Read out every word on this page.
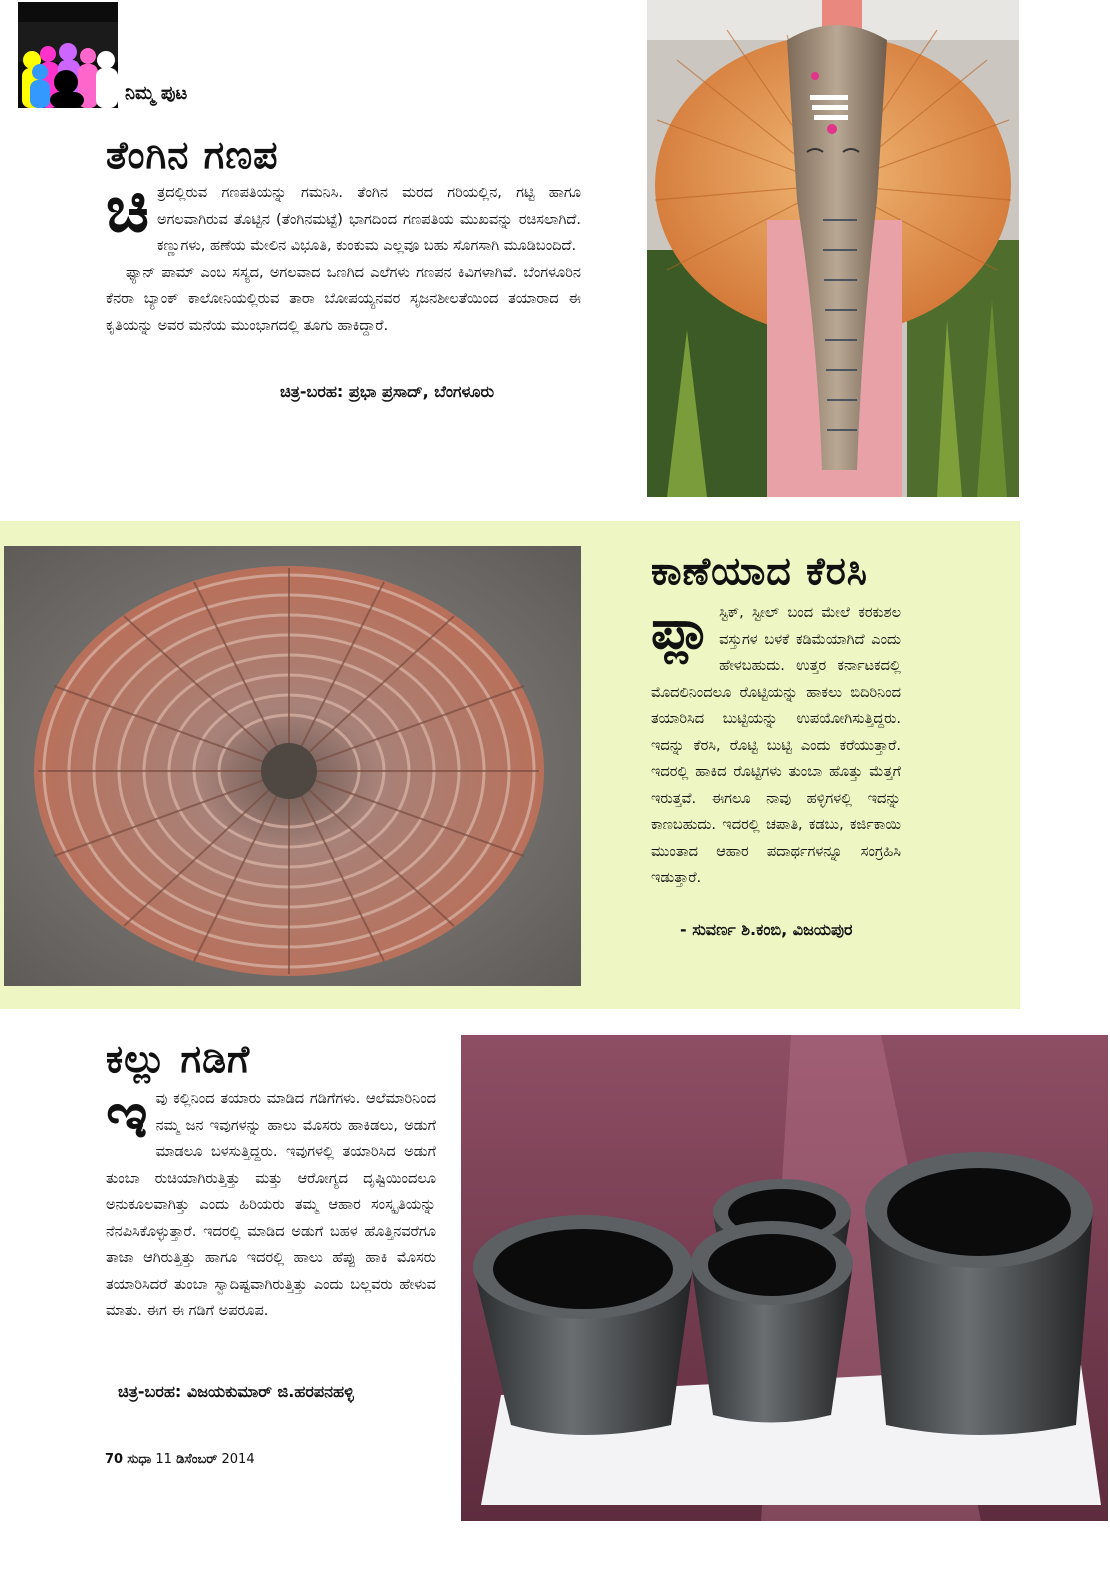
ನಿಮ್ಮ ಪುಟ
ತೆಂಗಿನ ಗಣಪ

ಚಿ ತ್ರದಲ್ಲಿರುವ ಗಣಪತಿಯನ್ನು ಗಮನಿಸಿ. ತೆಂಗಿನ ಮರದ ಗರಿಯಲ್ಲಿನ, ಗಟ್ಟಿ ಹಾಗೂ ಅಗಲವಾಗಿರುವ ತೊಟ್ಟಿನ (ತೆಂಗಿನಮಟ್ಟೆ) ಭಾಗದಿಂದ ಗಣಪತಿಯ ಮುಖವನ್ನು ರಚಿಸಲಾಗಿದೆ. ಕಣ್ಣುಗಳು, ಹಣೆಯ ಮೇಲಿನ ವಿಭೂತಿ, ಕುಂಕುಮ ಎಲ್ಲವೂ ಬಹು ಸೊಗಸಾಗಿ ಮೂಡಿಬಂದಿದೆ.

ಫ್ಯಾನ್ ಪಾಮ್ ಎಂಬ ಸಸ್ಯದ, ಅಗಲವಾದ ಒಣಗಿದ ಎಲೆಗಳು ಗಣಪನ ಕಿವಿಗಳಾಗಿವೆ. ಬೆಂಗಳೂರಿನ ಕೆನರಾ ಬ್ಯಾಂಕ್ ಕಾಲೋನಿಯಲ್ಲಿರುವ ತಾರಾ ಬೋಪಯ್ಯನವರ ಸೃಜನಶೀಲತೆಯಿಂದ ತಯಾರಾದ ಈ ಕೃತಿಯನ್ನು ಅವರ ಮನೆಯ ಮುಂಭಾಗದಲ್ಲಿ ತೂಗು ಹಾಕಿದ್ದಾರೆ.

ಚಿತ್ರ-ಬರಹ: ಪ್ರಭಾ ಪ್ರಸಾದ್, ಬೆಂಗಳೂರು
ಕಾಣೆಯಾದ ಕೆರಸಿ

ಪ್ಲಾ ಸ್ಟಿಕ್, ಸ್ಟೀಲ್ ಬಂದ ಮೇಲೆ ಕರಕುಶಲ ವಸ್ತುಗಳ ಬಳಕೆ ಕಡಿಮೆಯಾಗಿದೆ ಎಂದು ಹೇಳಬಹುದು. ಉತ್ತರ ಕರ್ನಾಟಕದಲ್ಲಿ ಮೊದಲಿನಿಂದಲೂ ರೊಟ್ಟಿಯನ್ನು ಹಾಕಲು ಬಿದಿರಿನಿಂದ ತಯಾರಿಸಿದ ಬುಟ್ಟಿಯನ್ನು ಉಪಯೋಗಿಸುತ್ತಿದ್ದರು. ಇದನ್ನು ಕೆರಸಿ, ರೊಟ್ಟಿ ಬುಟ್ಟಿ ಎಂದು ಕರೆಯುತ್ತಾರೆ. ಇದರಲ್ಲಿ ಹಾಕಿದ ರೊಟ್ಟಿಗಳು ತುಂಬಾ ಹೊತ್ತು ಮೆತ್ತಗೆ ಇರುತ್ತವೆ. ಈಗಲೂ ನಾವು ಹಳ್ಳಿಗಳಲ್ಲಿ ಇದನ್ನು ಕಾಣಬಹುದು. ಇದರಲ್ಲಿ ಚಪಾತಿ, ಕಡಬು, ಕರ್ಜಿಕಾಯಿ ಮುಂತಾದ ಆಹಾರ ಪದಾರ್ಥಗಳನ್ನೂ ಸಂಗ್ರಹಿಸಿ ಇಡುತ್ತಾರೆ.

- ಸುವರ್ಣ ಶಿ.ಕಂಬಿ, ವಿಜಯಪುರ
ಕಲ್ಲು ಗಡಿಗೆ

ಇ ವು ಕಲ್ಲಿನಿಂದ ತಯಾರು ಮಾಡಿದ ಗಡಿಗೆಗಳು. ಆಲೆಮಾರಿನಿಂದ ನಮ್ಮ ಜನ ಇವುಗಳನ್ನು ಹಾಲು ಮೊಸರು ಹಾಕಿಡಲು, ಅಡುಗೆ ಮಾಡಲೂ ಬಳಸುತ್ತಿದ್ದರು. ಇವುಗಳಲ್ಲಿ ತಯಾರಿಸಿದ ಅಡುಗೆ ತುಂಬಾ ರುಚಿಯಾಗಿರುತ್ತಿತ್ತು ಮತ್ತು ಆರೋಗ್ಯದ ದೃಷ್ಟಿಯಿಂದಲೂ ಅನುಕೂಲವಾಗಿತ್ತು ಎಂದು ಹಿರಿಯರು ತಮ್ಮ ಆಹಾರ ಸಂಸ್ಕೃತಿಯನ್ನು ನೆನಪಿಸಿಕೊಳ್ಳುತ್ತಾರೆ. ಇದರಲ್ಲಿ ಮಾಡಿದ ಅಡುಗೆ ಬಹಳ ಹೊತ್ತಿನವರೆಗೂ ತಾಜಾ ಆಗಿರುತ್ತಿತ್ತು ಹಾಗೂ ಇದರಲ್ಲಿ ಹಾಲು ಹೆಪ್ಪು ಹಾಕಿ ಮೊಸರು ತಯಾರಿಸಿದರೆ ತುಂಬಾ ಸ್ವಾದಿಷ್ಟವಾಗಿರುತ್ತಿತ್ತು ಎಂದು ಬಲ್ಲವರು ಹೇಳುವ ಮಾತು. ಈಗ ಈ ಗಡಿಗೆ ಅಪರೂಪ.

ಚಿತ್ರ-ಬರಹ: ವಿಜಯಕುಮಾರ್ ಜಿ.ಹರಪನಹಳ್ಳಿ
70 ಸುಧಾ 11 ಡಿಸೆಂಬರ್ 2014
